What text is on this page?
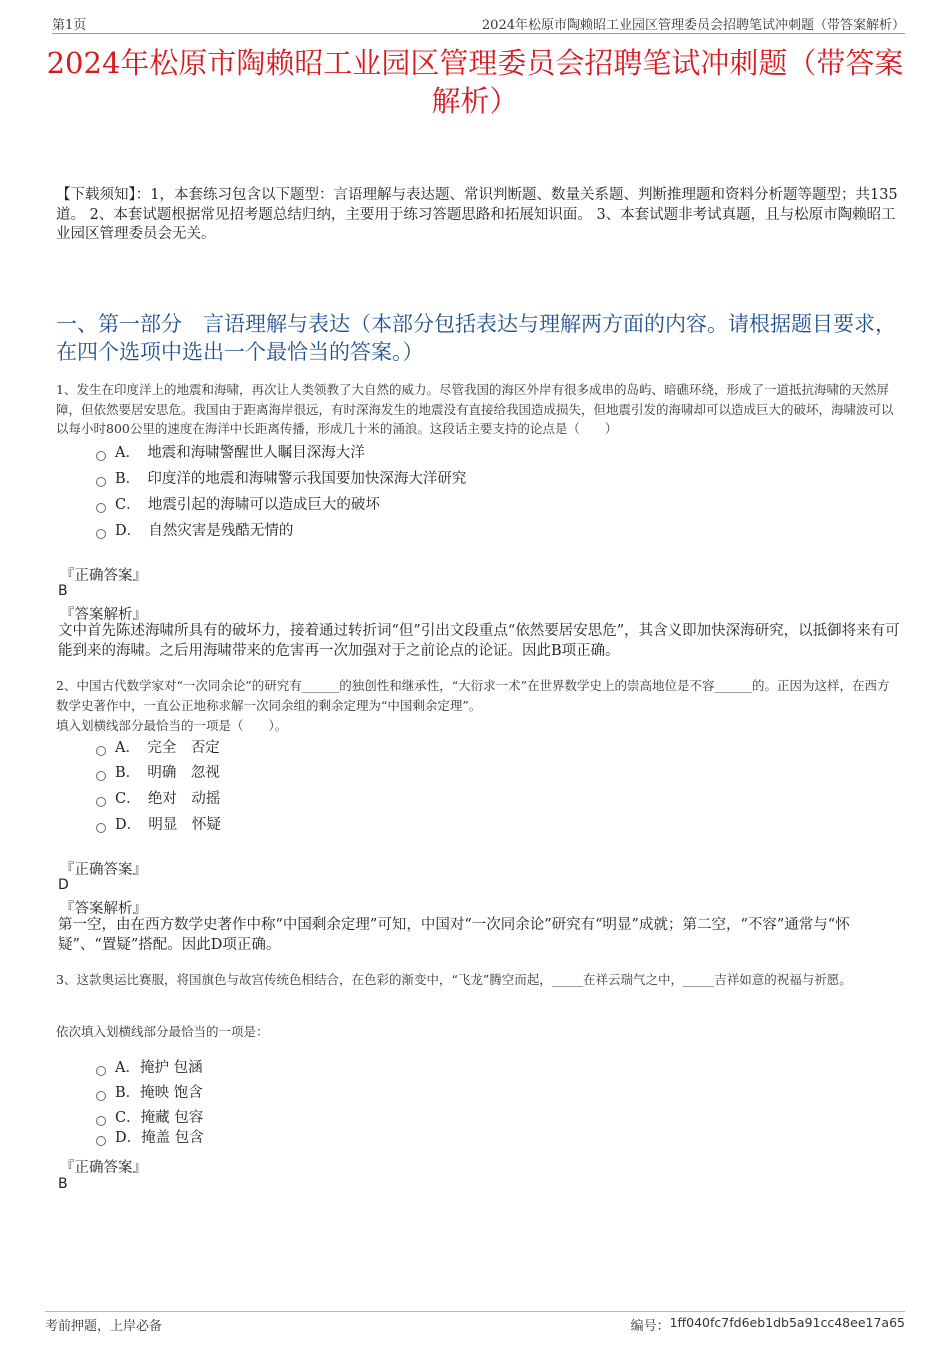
第1页	2024年松原市陶赖昭工业园区管理委员会招聘笔试冲刺题（带答案解析）
2024年松原市陶赖昭工业园区管理委员会招聘笔试冲刺题（带答案解析）
【下载须知】：1，本套练习包含以下题型：言语理解与表达题、常识判断题、数量关系题、判断推理题和资料分析题等题型；共135道。 2、本套试题根据常见招考题总结归纳，主要用于练习答题思路和拓展知识面。 3、本套试题非考试真题，且与松原市陶赖昭工业园区管理委员会无关。
一、第一部分　言语理解与表达（本部分包括表达与理解两方面的内容。请根据题目要求，在四个选项中选出一个最恰当的答案。）
1、发生在印度洋上的地震和海啸，再次让人类领教了大自然的威力。尽管我国的海区外岸有很多成串的岛屿、暗礁环绕，形成了一道抵抗海啸的天然屏障，但依然要居安思危。我国由于距离海岸很远，有时深海发生的地震没有直接给我国造成损失，但地震引发的海啸却可以造成巨大的破坏，海啸波可以以每小时800公里的速度在海洋中长距离传播，形成几十米的涌浪。这段话主要支持的论点是（　　）
A．　地震和海啸警醒世人瞩目深海大洋
B．　印度洋的地震和海啸警示我国要加快深海大洋研究
C．　地震引起的海啸可以造成巨大的破坏
D．　自然灾害是残酷无情的
『正确答案』
B
『答案解析』
文中首先陈述海啸所具有的破坏力，接着通过转折词“但”引出文段重点“依然要居安思危”，其含义即加快深海研究，以抵御将来有可能到来的海啸。之后用海啸带来的危害再一次加强对于之前论点的论证。因此B项正确。
2、中国古代数学家对“一次同余论”的研究有______的独创性和继承性，“大衍求一术”在世界数学史上的崇高地位是不容______的。正因为这样，在西方数学史著作中，一直公正地称求解一次同余组的剩余定理为“中国剩余定理”。
填入划横线部分最恰当的一项是（　　）。
A．　完全　否定
B．　明确　忽视
C．　绝对　动摇
D．　明显　怀疑
『正确答案』
D
『答案解析』
第一空，由在西方数学史著作中称“中国剩余定理”可知，中国对“一次同余论”研究有“明显”成就；第二空，“不容”通常与“怀疑”、“置疑”搭配。因此D项正确。
3、这款奥运比赛服，将国旗色与故宫传统色相结合，在色彩的渐变中，“飞龙”腾空而起，_____在祥云瑞气之中，_____吉祥如意的祝福与祈愿。
依次填入划横线部分最恰当的一项是：
A．掩护 包涵
B．掩映 饱含
C．掩藏 包容
D．掩盖 包含
『正确答案』
B
考前押题，上岸必备	编号： 1ff040fc7fd6eb1db5a91cc48ee17a65
